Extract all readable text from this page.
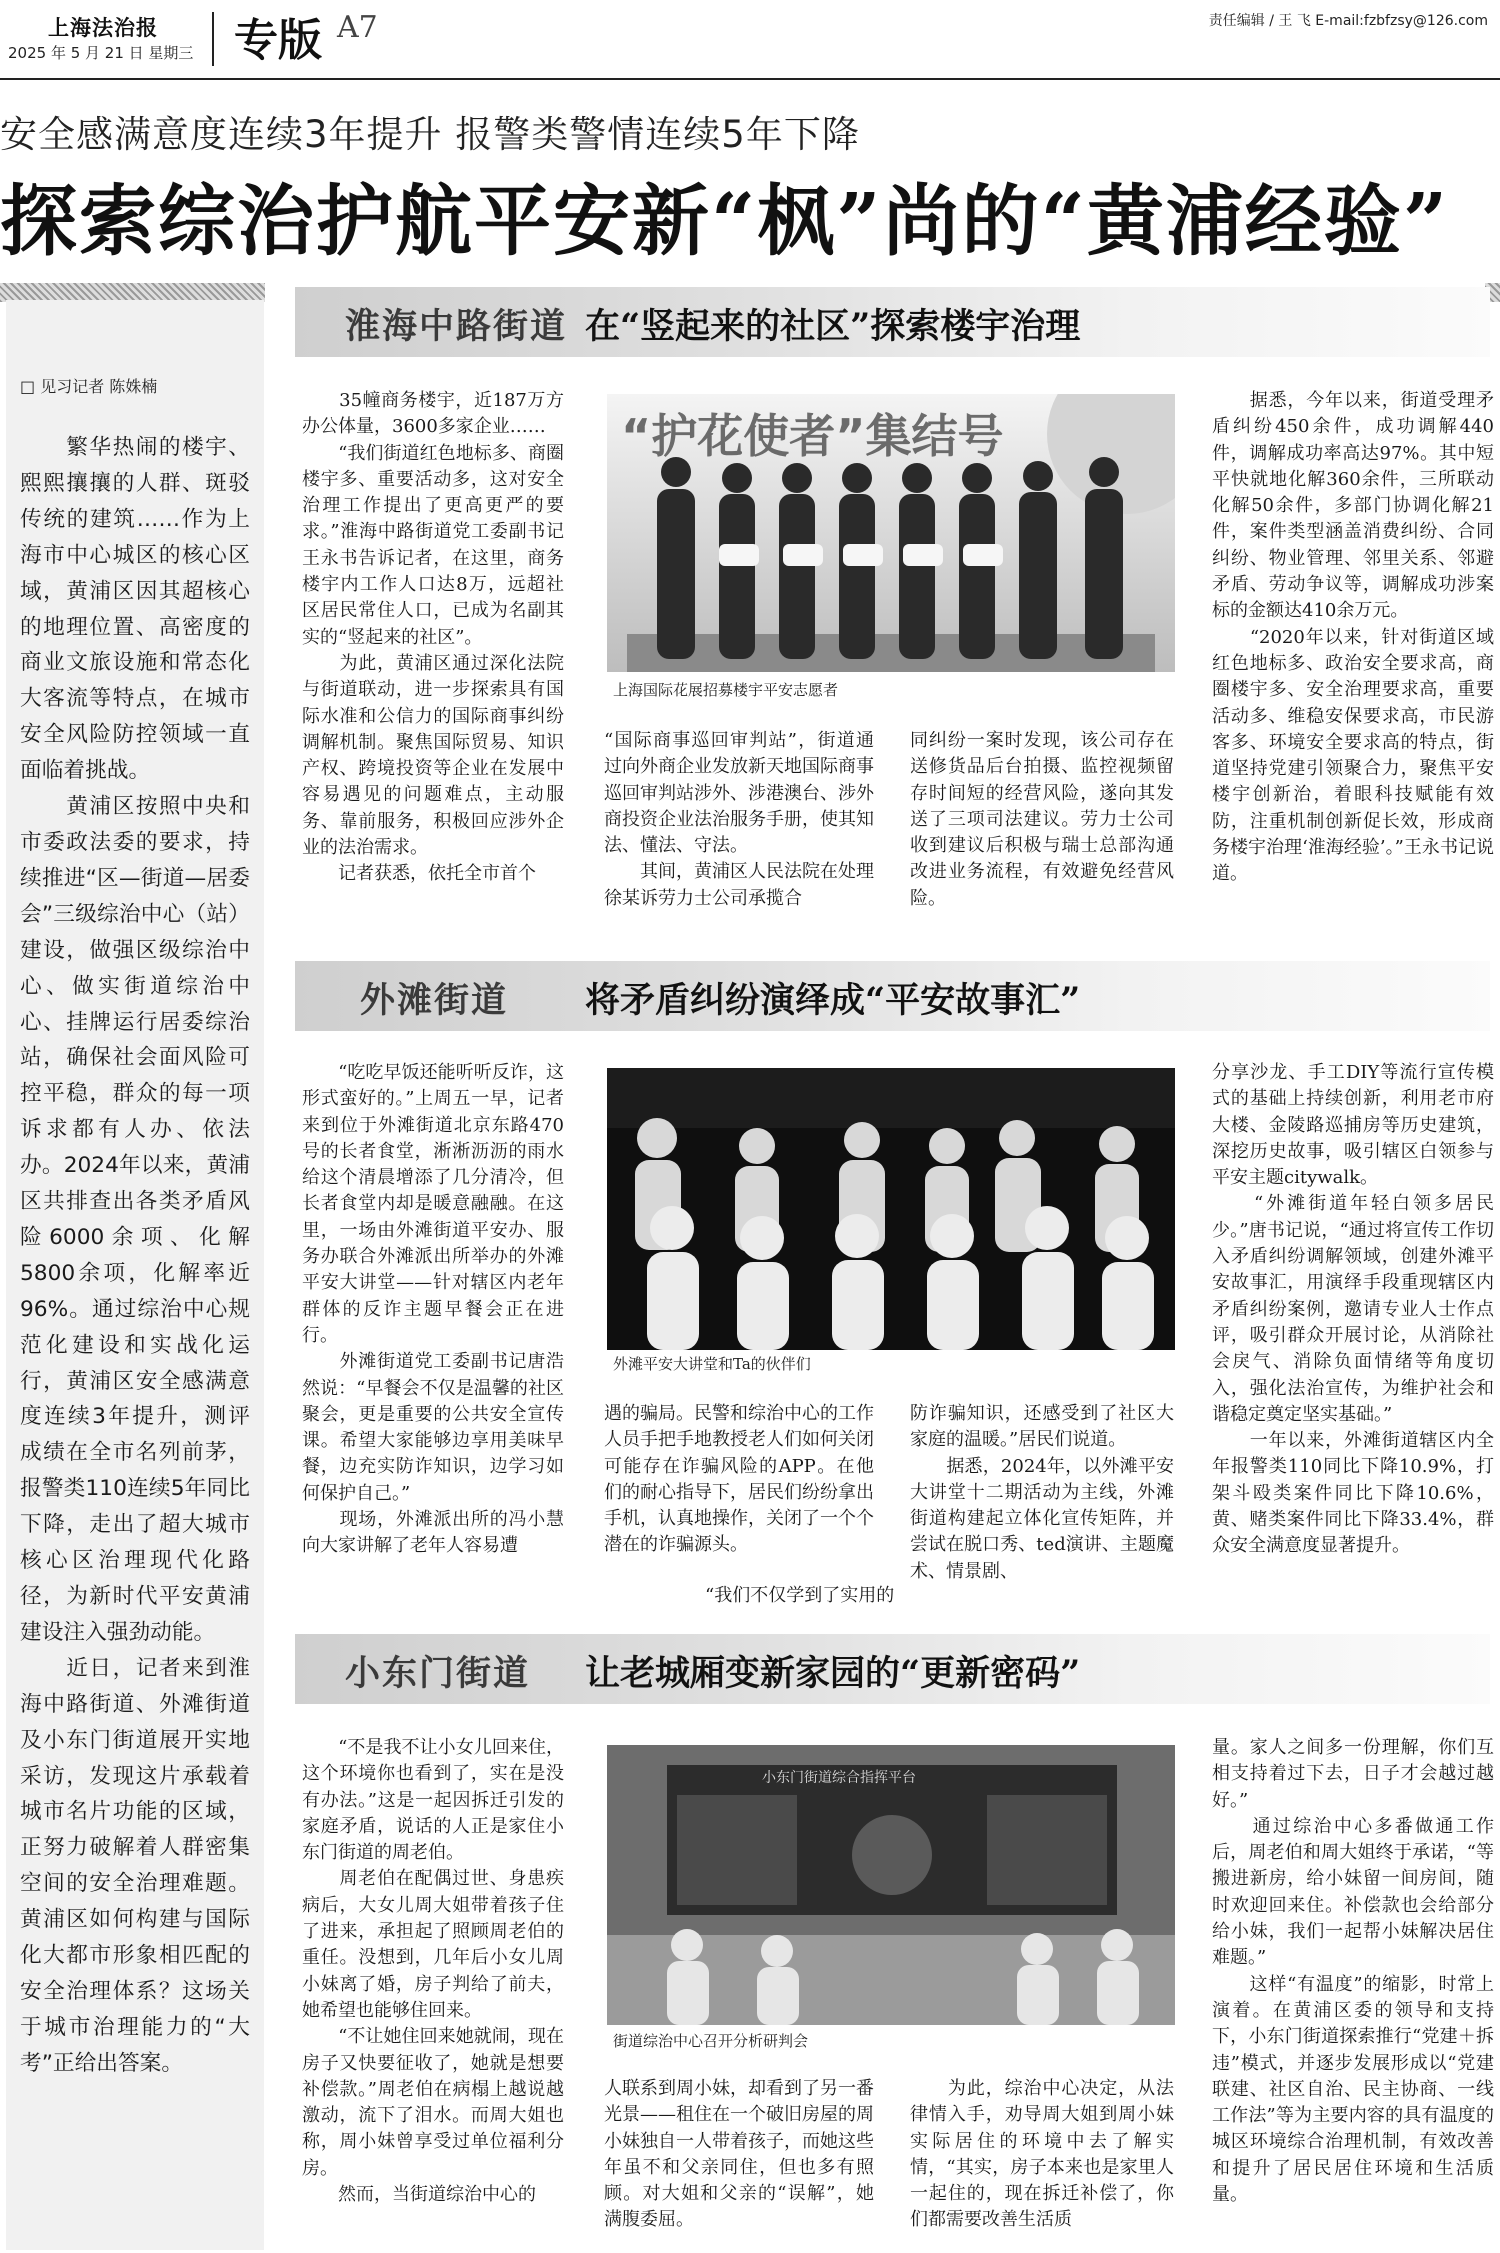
上海法治报
2025 年 5 月 21 日 星期三 专版 A7	责任编辑 / 王 飞 E-mail:fzbfzsy@126.com
安全感满意度连续3年提升 报警类警情连续5年下降
探索综治护航平安新“枫”尚的“黄浦经验”
□ 见习记者 陈姝楠
　　繁华热闹的楼宇、熙熙攘攘的人群、斑驳传统的建筑……作为上海市中心城区的核心区域，黄浦区因其超核心的地理位置、高密度的商业文旅设施和常态化大客流等特点，在城市安全风险防控领域一直面临着挑战。
　　黄浦区按照中央和市委政法委的要求，持续推进“区—街道—居委会”三级综治中心（站）建设，做强区级综治中心、做实街道综治中心、挂牌运行居委综治站，确保社会面风险可控平稳，群众的每一项诉求都有人办、依法办。2024年以来，黄浦区共排查出各类矛盾风险6000余项、化解5800余项，化解率近96%。通过综治中心规范化建设和实战化运行，黄浦区安全感满意度连续3年提升，测评成绩在全市名列前茅，报警类110连续5年同比下降，走出了超大城市核心区治理现代化路径，为新时代平安黄浦建设注入强劲动能。
　　近日，记者来到淮海中路街道、外滩街道及小东门街道展开实地采访，发现这片承载着城市名片功能的区域，正努力破解着人群密集空间的安全治理难题。黄浦区如何构建与国际化大都市形象相匹配的安全治理体系？这场关于城市治理能力的“大考”正给出答案。
淮海中路街道 在“竖起来的社区”探索楼宇治理
　　35幢商务楼宇，近187万方办公体量，3600多家企业……
　　“我们街道红色地标多、商圈楼宇多、重要活动多，这对安全治理工作提出了更高更严的要求。”淮海中路街道党工委副书记王永书告诉记者，在这里，商务楼宇内工作人口达8万，远超社区居民常住人口，已成为名副其实的“竖起来的社区”。
　　为此，黄浦区通过深化法院与街道联动，进一步探索具有国际水准和公信力的国际商事纠纷调解机制。聚焦国际贸易、知识产权、跨境投资等企业在发展中容易遇见的问题难点，主动服务、靠前服务，积极回应涉外企业的法治需求。
　　记者获悉，依托全市首个
“护花使者”集结号
上海国际花展招募楼宇平安志愿者
“国际商事巡回审判站”，街道通过向外商企业发放新天地国际商事巡回审判站涉外、涉港澳台、涉外商投资企业法治服务手册，使其知法、懂法、守法。
　　其间，黄浦区人民法院在处理徐某诉劳力士公司承揽合
同纠纷一案时发现，该公司存在送修货品后台拍摄、监控视频留存时间短的经营风险，遂向其发送了三项司法建议。劳力士公司收到建议后积极与瑞士总部沟通改进业务流程，有效避免经营风险。
　　据悉，今年以来，街道受理矛盾纠纷450余件，成功调解440件，调解成功率高达97%。其中短平快就地化解360余件，三所联动化解50余件，多部门协调化解21件，案件类型涵盖消费纠纷、合同纠纷、物业管理、邻里关系、邻避矛盾、劳动争议等，调解成功涉案标的金额达410余万元。
　　“2020年以来，针对街道区域红色地标多、政治安全要求高，商圈楼宇多、安全治理要求高，重要活动多、维稳安保要求高，市民游客多、环境安全要求高的特点，街道坚持党建引领聚合力，聚焦平安楼宇创新治，着眼科技赋能有效防，注重机制创新促长效，形成商务楼宇治理‘淮海经验’。”王永书记说道。
外滩街道 将矛盾纠纷演绎成“平安故事汇”
　　“吃吃早饭还能听听反诈，这形式蛮好的。”上周五一早，记者来到位于外滩街道北京东路470号的长者食堂，淅淅沥沥的雨水给这个清晨增添了几分清冷，但长者食堂内却是暖意融融。在这里，一场由外滩街道平安办、服务办联合外滩派出所举办的外滩平安大讲堂——针对辖区内老年群体的反诈主题早餐会正在进行。
　　外滩街道党工委副书记唐浩然说：“早餐会不仅是温馨的社区聚会，更是重要的公共安全宣传课。希望大家能够边享用美味早餐，边充实防诈知识，边学习如何保护自己。”
　　现场，外滩派出所的冯小慧向大家讲解了老年人容易遭
外滩平安大讲堂和Ta的伙伴们
遇的骗局。民警和综治中心的工作人员手把手地教授老人们如何关闭可能存在诈骗风险的APP。在他们的耐心指导下，居民们纷纷拿出手机，认真地操作，关闭了一个个潜在的诈骗源头。
防诈骗知识，还感受到了社区大家庭的温暖。”居民们说道。
　　据悉，2024年，以外滩平安大讲堂十二期活动为主线，外滩街道构建起立体化宣传矩阵，并尝试在脱口秀、ted演讲、主题魔术、情景剧、
“我们不仅学到了实用的
分享沙龙、手工DIY等流行宣传模式的基础上持续创新，利用老市府大楼、金陵路巡捕房等历史建筑，深挖历史故事，吸引辖区白领参与平安主题citywalk。
　　“外滩街道年轻白领多居民少。”唐书记说，“通过将宣传工作切入矛盾纠纷调解领域，创建外滩平安故事汇，用演绎手段重现辖区内矛盾纠纷案例，邀请专业人士作点评，吸引群众开展讨论，从消除社会戾气、消除负面情绪等角度切入，强化法治宣传，为维护社会和谐稳定奠定坚实基础。”
　　一年以来，外滩街道辖区内全年报警类110同比下降10.9%，打架斗殴类案件同比下降10.6%，黄、赌类案件同比下降33.4%，群众安全满意度显著提升。
小东门街道 让老城厢变新家园的“更新密码”
　　“不是我不让小女儿回来住，这个环境你也看到了，实在是没有办法。”这是一起因拆迁引发的家庭矛盾，说话的人正是家住小东门街道的周老伯。
　　周老伯在配偶过世、身患疾病后，大女儿周大姐带着孩子住了进来，承担起了照顾周老伯的重任。没想到，几年后小女儿周小妹离了婚，房子判给了前夫，她希望也能够住回来。
　　“不让她住回来她就闹，现在房子又快要征收了，她就是想要补偿款。”周老伯在病榻上越说越激动，流下了泪水。而周大姐也称，周小妹曾享受过单位福利分房。
　　然而，当街道综治中心的
小东门街道综合指挥平台
街道综治中心召开分析研判会
人联系到周小妹，却看到了另一番光景——租住在一个破旧房屋的周小妹独自一人带着孩子，而她这些年虽不和父亲同住，但也多有照顾。对大姐和父亲的“误解”，她满腹委屈。
　　为此，综治中心决定，从法律情入手，劝导周大姐到周小妹实际居住的环境中去了解实情，“其实，房子本来也是家里人一起住的，现在拆迁补偿了，你们都需要改善生活质
量。家人之间多一份理解，你们互相支持着过下去，日子才会越过越好。”
　　通过综治中心多番做通工作后，周老伯和周大姐终于承诺，“等搬进新房，给小妹留一间房间，随时欢迎回来住。补偿款也会给部分给小妹，我们一起帮小妹解决居住难题。”
　　这样“有温度”的缩影，时常上演着。在黄浦区委的领导和支持下，小东门街道探索推行“党建＋拆违”模式，并逐步发展形成以“党建联建、社区自治、民主协商、一线工作法”等为主要内容的具有温度的城区环境综合治理机制，有效改善和提升了居民居住环境和生活质量。
